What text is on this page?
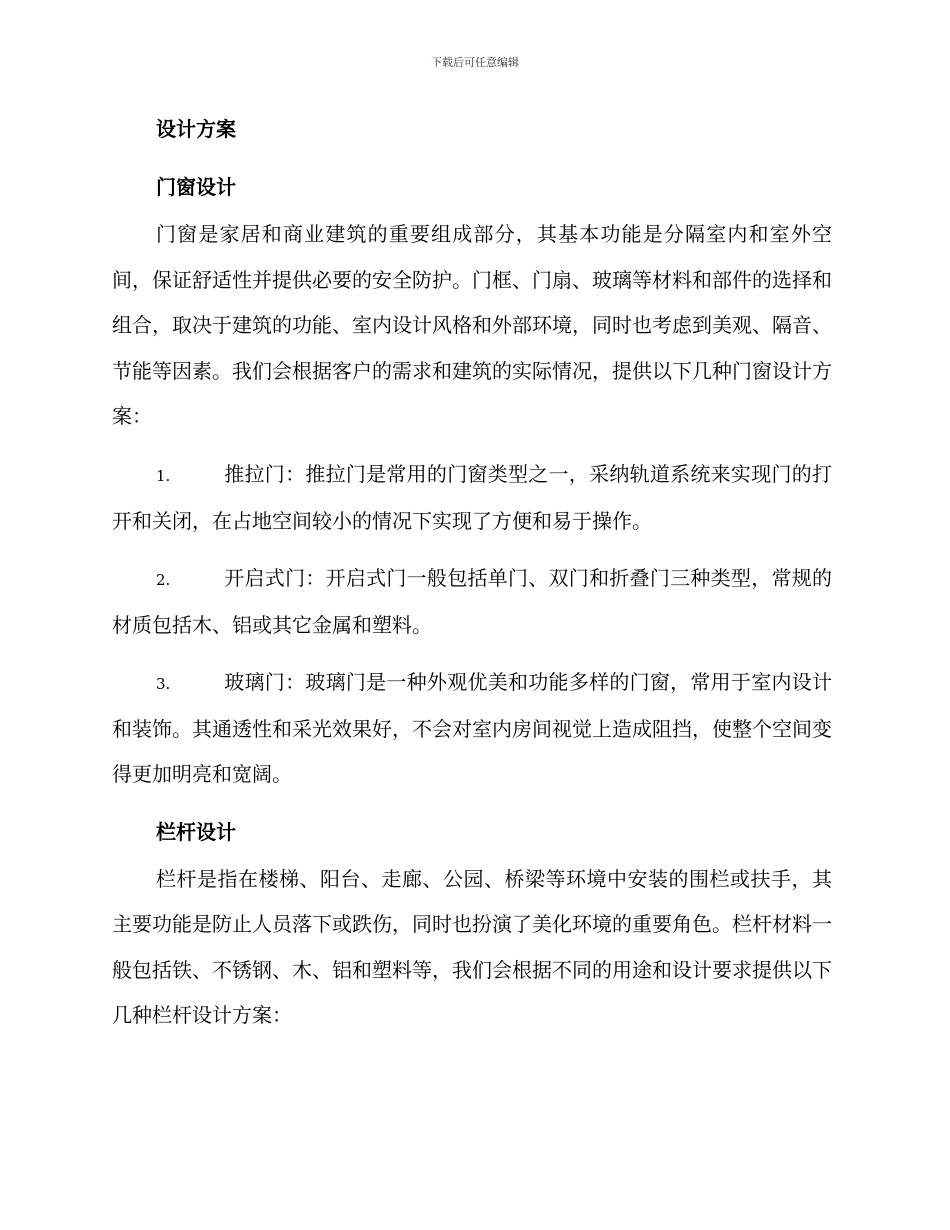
下载后可任意编辑
设计方案
门窗设计

门窗是家居和商业建筑的重要组成部分，其基本功能是分隔室内和室外空间，保证舒适性并提供必要的安全防护。门框、门扇、玻璃等材料和部件的选择和组合，取决于建筑的功能、室内设计风格和外部环境，同时也考虑到美观、隔音、节能等因素。我们会根据客户的需求和建筑的实际情况，提供以下几种门窗设计方案：

1.	推拉门：推拉门是常用的门窗类型之一，采纳轨道系统来实现门的打开和关闭，在占地空间较小的情况下实现了方便和易于操作。

2.	开启式门：开启式门一般包括单门、双门和折叠门三种类型，常规的材质包括木、铝或其它金属和塑料。

3.	玻璃门：玻璃门是一种外观优美和功能多样的门窗，常用于室内设计和装饰。其通透性和采光效果好，不会对室内房间视觉上造成阻挡，使整个空间变得更加明亮和宽阔。

栏杆设计

栏杆是指在楼梯、阳台、走廊、公园、桥梁等环境中安装的围栏或扶手，其主要功能是防止人员落下或跌伤，同时也扮演了美化环境的重要角色。栏杆材料一般包括铁、不锈钢、木、铝和塑料等，我们会根据不同的用途和设计要求提供以下几种栏杆设计方案：
